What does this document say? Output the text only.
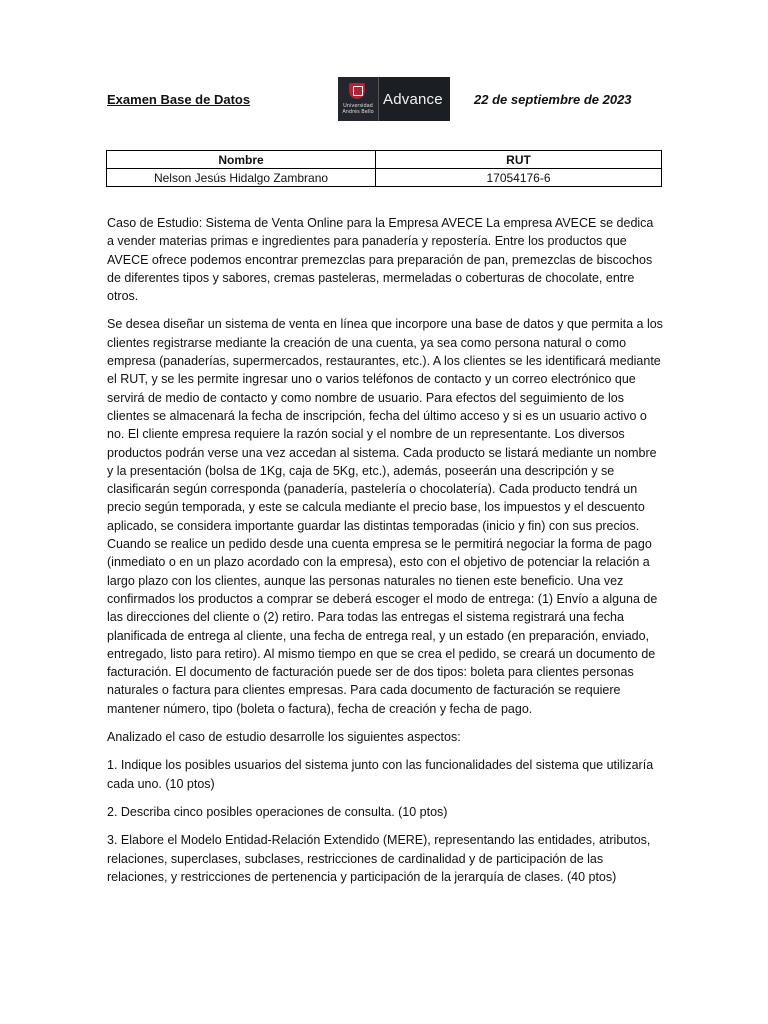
Examen Base de Datos	Universidad
Andrés Bello
Advance 22 de septiembre de 2023
Nombre	RUT
Nelson Jesús Hidalgo Zambrano	17054176-6

Caso de Estudio: Sistema de Venta Online para la Empresa AVECE La empresa AVECE se dedica a vender materias primas e ingredientes para panadería y repostería. Entre los productos que AVECE ofrece podemos encontrar premezclas para preparación de pan, premezclas de biscochos de diferentes tipos y sabores, cremas pasteleras, mermeladas o coberturas de chocolate, entre otros.

Se desea diseñar un sistema de venta en línea que incorpore una base de datos y que permita a los clientes registrarse mediante la creación de una cuenta, ya sea como persona natural o como empresa (panaderías, supermercados, restaurantes, etc.). A los clientes se les identificará mediante el RUT, y se les permite ingresar uno o varios teléfonos de contacto y un correo electrónico que servirá de medio de contacto y como nombre de usuario. Para efectos del seguimiento de los clientes se almacenará la fecha de inscripción, fecha del último acceso y si es un usuario activo o no. El cliente empresa requiere la razón social y el nombre de un representante. Los diversos productos podrán verse una vez accedan al sistema. Cada producto se listará mediante un nombre y la presentación (bolsa de 1Kg, caja de 5Kg, etc.), además, poseerán una descripción y se clasificarán según corresponda (panadería, pastelería o chocolatería). Cada producto tendrá un precio según temporada, y este se calcula mediante el precio base, los impuestos y el descuento aplicado, se considera importante guardar las distintas temporadas (inicio y fin) con sus precios. Cuando se realice un pedido desde una cuenta empresa se le permitirá negociar la forma de pago (inmediato o en un plazo acordado con la empresa), esto con el objetivo de potenciar la relación a largo plazo con los clientes, aunque las personas naturales no tienen este beneficio. Una vez confirmados los productos a comprar se deberá escoger el modo de entrega: (1) Envío a alguna de las direcciones del cliente o (2) retiro. Para todas las entregas el sistema registrará una fecha planificada de entrega al cliente, una fecha de entrega real, y un estado (en preparación, enviado, entregado, listo para retiro). Al mismo tiempo en que se crea el pedido, se creará un documento de facturación. El documento de facturación puede ser de dos tipos: boleta para clientes personas naturales o factura para clientes empresas. Para cada documento de facturación se requiere mantener número, tipo (boleta o factura), fecha de creación y fecha de pago.

Analizado el caso de estudio desarrolle los siguientes aspectos:

1. Indique los posibles usuarios del sistema junto con las funcionalidades del sistema que utilizaría cada uno. (10 ptos)

2. Describa cinco posibles operaciones de consulta. (10 ptos)

3. Elabore el Modelo Entidad-Relación Extendido (MERE), representando las entidades, atributos, relaciones, superclases, subclases, restricciones de cardinalidad y de participación de las relaciones, y restricciones de pertenencia y participación de la jerarquía de clases. (40 ptos)
